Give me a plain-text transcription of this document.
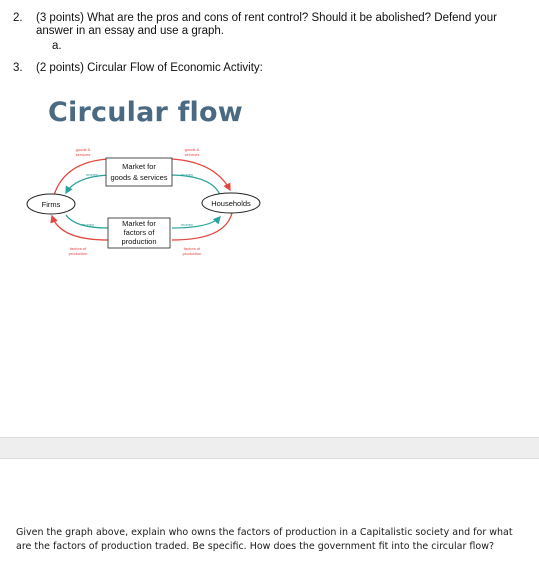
2. (3 points) What are the pros and cons of rent control? Should it be abolished? Defend your answer in an essay and use a graph.
a.
3. (2 points) Circular Flow of Economic Activity:
Circular flow
Firms	Households
Market for
goods & services
Market for
factors of
production
goods &
services
goods &
services
money	money
money	money
factors of
production
factors of
production
Given the graph above, explain who owns the factors of production in a Capitalistic society and for what are the factors of production traded. Be specific. How does the government fit into the circular flow?
